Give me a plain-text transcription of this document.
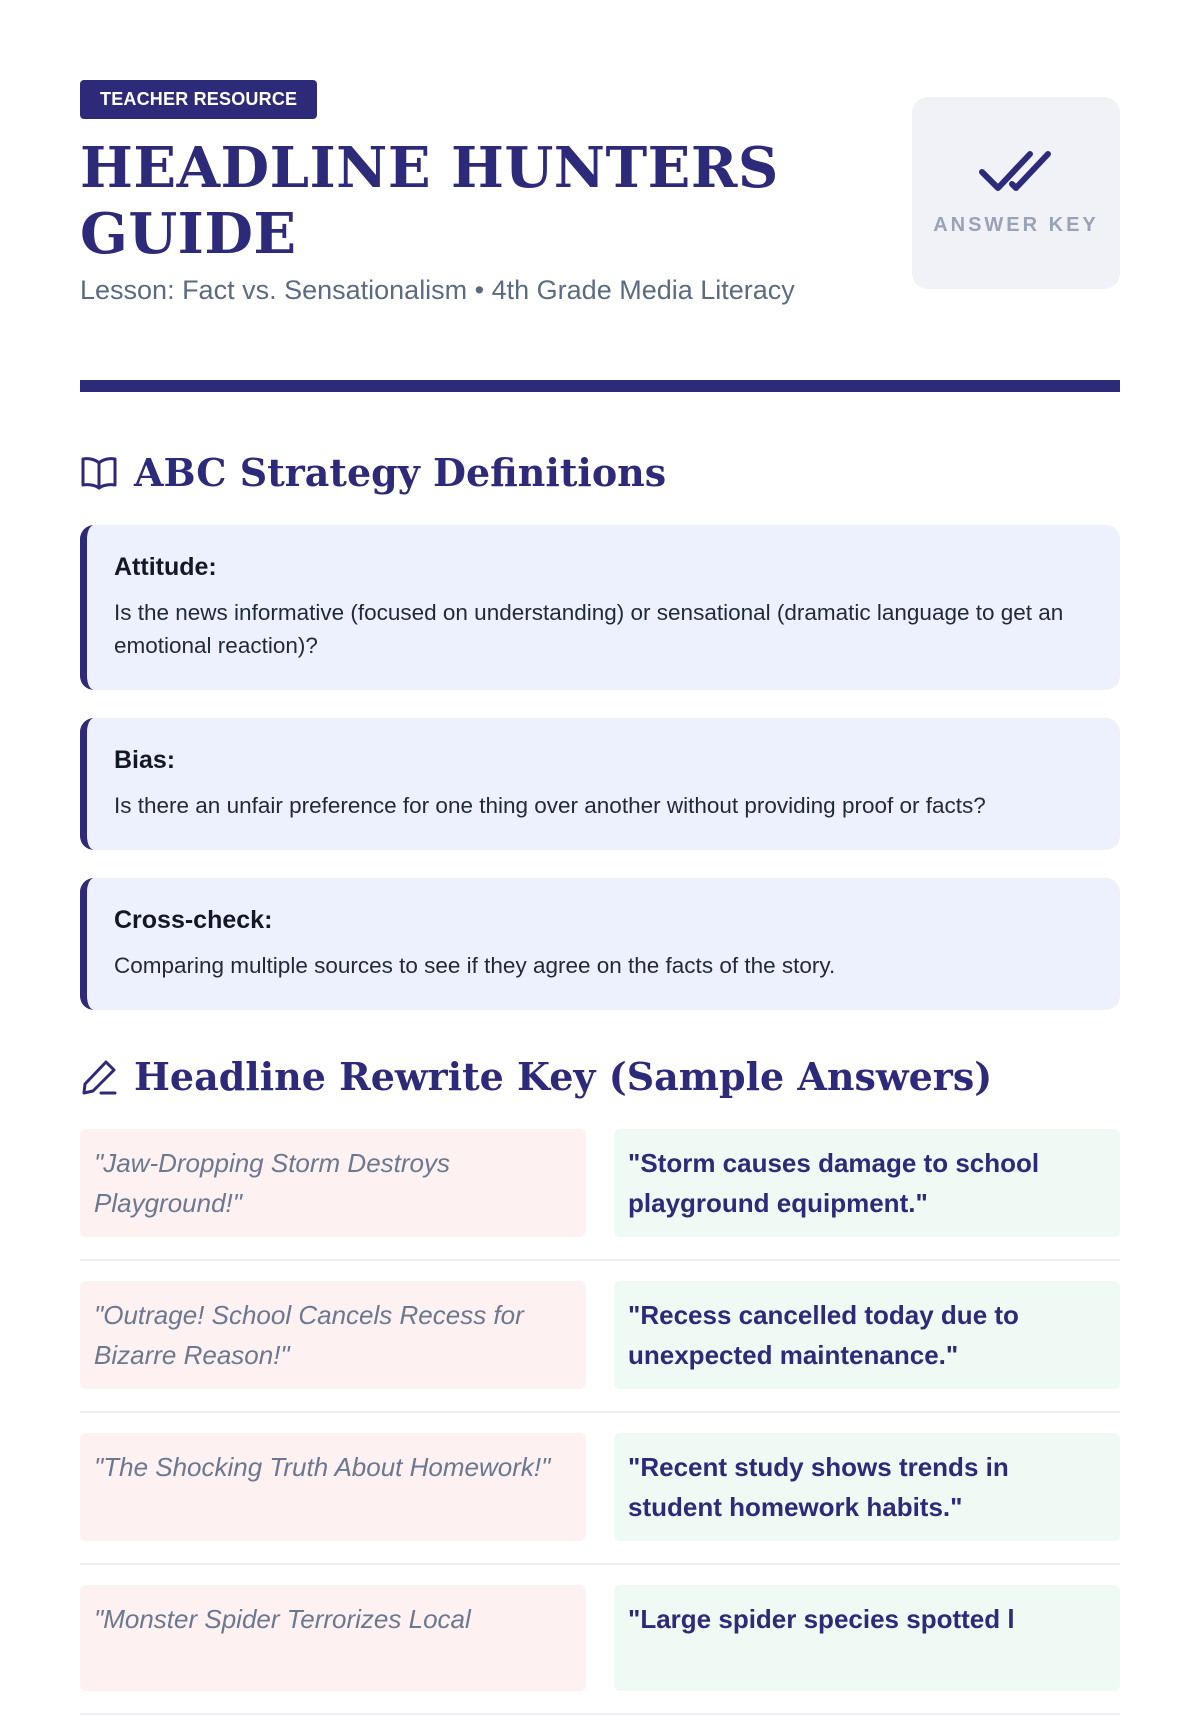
TEACHER RESOURCE
HEADLINE HUNTERS GUIDE
Lesson: Fact vs. Sensationalism • 4th Grade Media Literacy
ANSWER KEY
ABC Strategy Definitions
Attitude:
Is the news informative (focused on understanding) or sensational (dramatic language to get an emotional reaction)?
Bias:
Is there an unfair preference for one thing over another without providing proof or facts?
Cross-check:
Comparing multiple sources to see if they agree on the facts of the story.
Headline Rewrite Key (Sample Answers)
"Jaw-Dropping Storm Destroys Playground!"
"Storm causes damage to school playground equipment."
"Outrage! School Cancels Recess for Bizarre Reason!"
"Recess cancelled today due to unexpected maintenance."
"The Shocking Truth About Homework!"	"Recent study shows trends in student homework habits."
"Monster Spider Terrorizes Local	"Large spider species spotted l
